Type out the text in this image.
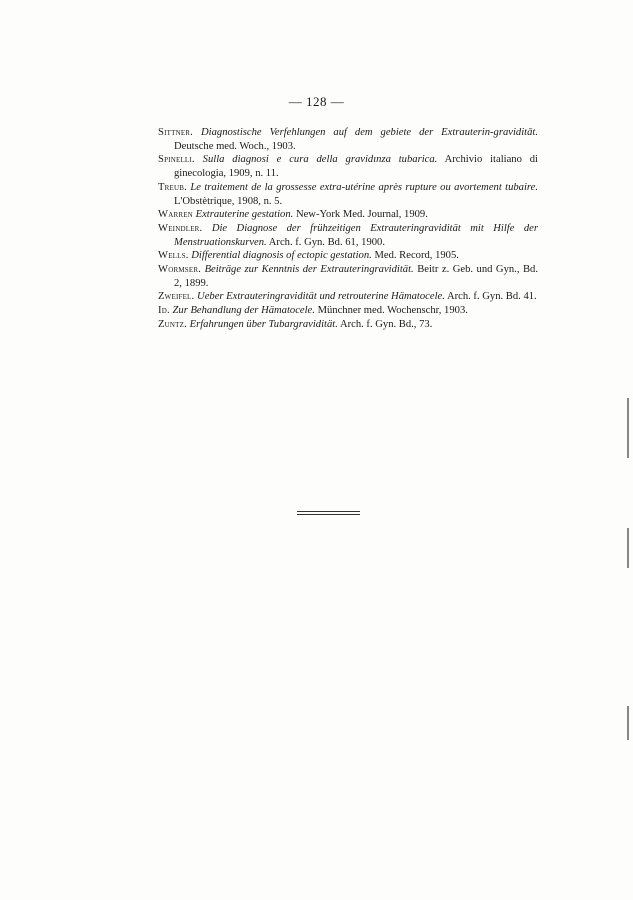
— 128 —
Sittner. Diagnostische Verfehlungen auf dem gebiete der Extrauterin-graviditāt. Deutsche med. Woch., 1903.
Spinelli. Sulla diagnosi e cura della gravidınza tubarica. Archivio italiano di ginecologia, 1909, n. 11.
Treub. Le traitement de la grossesse extra-utérine après rupture ou avortement tubaire. L'Obstètrique, 1908, n. 5.
Warren Extrauterine gestation. New-York Med. Journal, 1909.
Weindler. Die Diagnose der frühzeitigen Extrauteringravidität mit Hilfe der Menstruationskurven. Arch. f. Gyn. Bd. 61, 1900.
Wells. Differential diagnosis of ectopic gestation. Med. Record, 1905.
Wormser. Beiträge zur Kenntnis der Extrauteringravidität. Beitr z. Geb. und Gyn., Bd. 2, 1899.
Zweifel. Ueber Extrauteringravidität und retrouterine Hämatocele. Arch. f. Gyn. Bd. 41.
Id. Zur Behandlung der Hämatocele. Münchner med. Wochenschr, 1903.
Zuntz. Erfahrungen über Tubargravidität. Arch. f. Gyn. Bd., 73.
